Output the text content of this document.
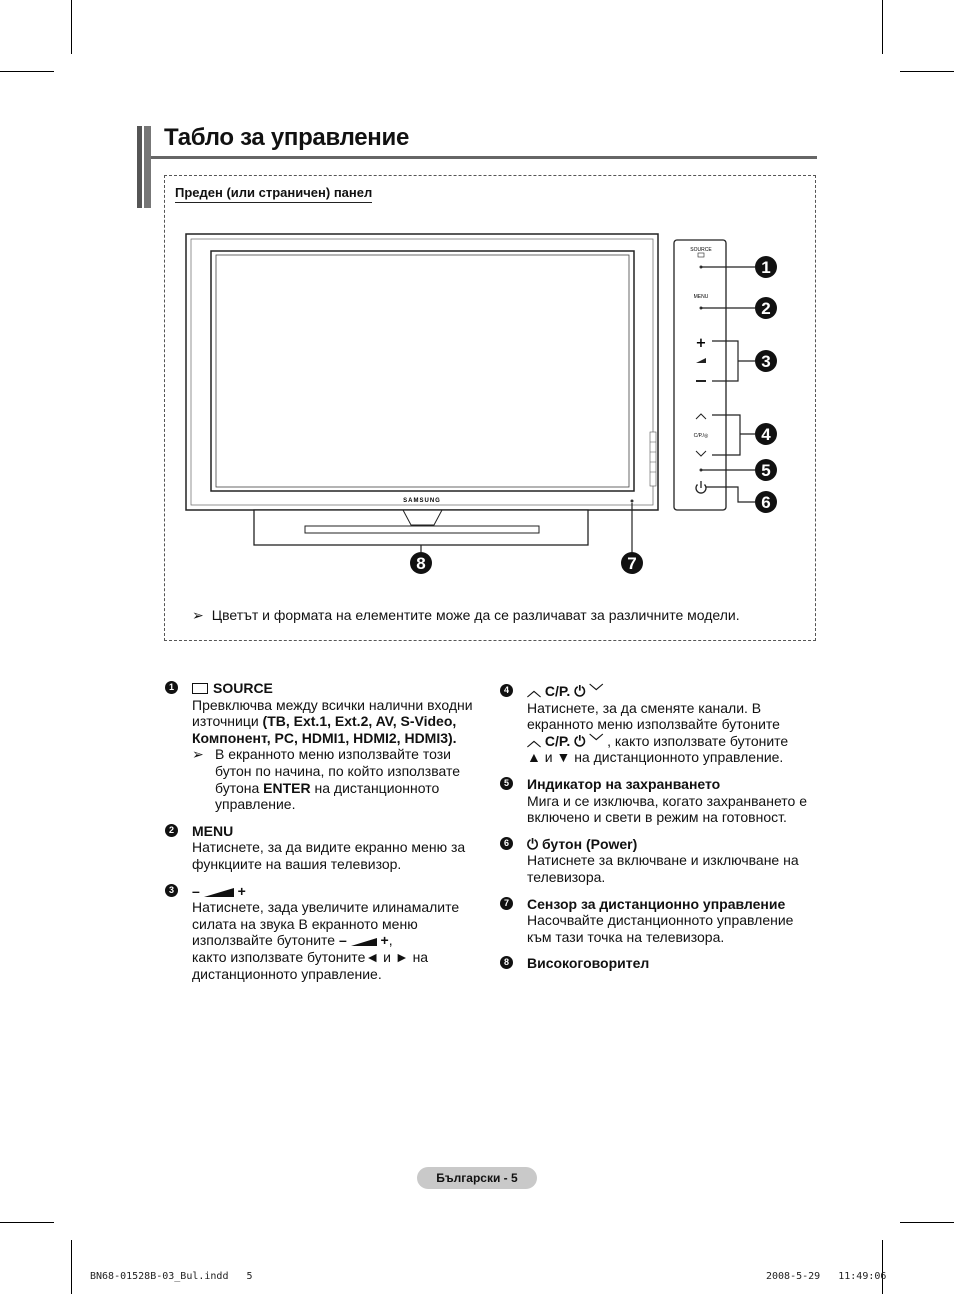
Табло за управление
Преден (или страничен) панел
SAMSUNG
SOURCE
MENU
+
C/P./◎
1
2
3
4
5
6
7
8
➢ Цветът и формата на елементите може да се различават за различните модели.
1	SOURCE
Превключва между всички налични входни
източници (ТВ, Ext.1, Ext.2, AV, S-Video,
Компонент, PC, HDMI1, HDMI2, HDMI3).
➢ В екранното меню използвайте този
бутон по начина, по който използвате
бутона ENTER на дистанционното
управление.
2 MENU
Натиснете, за да видите екранно меню за
функциите на вашия телевизор.
3 –	+
Натиснете, зада увеличите илинамалите
силата на звука В екранното меню
използвайте бутоните – +,
както използвате бутоните◄ и ► на
дистанционното управление.
4 ︿ C/P. ⏻ ﹀
Натиснете, за да сменяте канали. В
екранното меню използвайте бутоните
︿ C/P. ⏻ ﹀ , както използвате бутоните
▲ и ▼ на дистанционното управление.
5 Индикатор на захранването
Мига и се изключва, когато захранването е
включено и свети в режим на готовност.
6 ⏻ бутон (Power)
Натиснете за включване и изключване на
телевизора.
7 Сензор за дистанционно управление
Насочвайте дистанционното управление
към тази точка на телевизора.
8 Високоговорител
Български - 5
BN68-01528B-03_Bul.indd   5	2008-5-29   11:49:06
